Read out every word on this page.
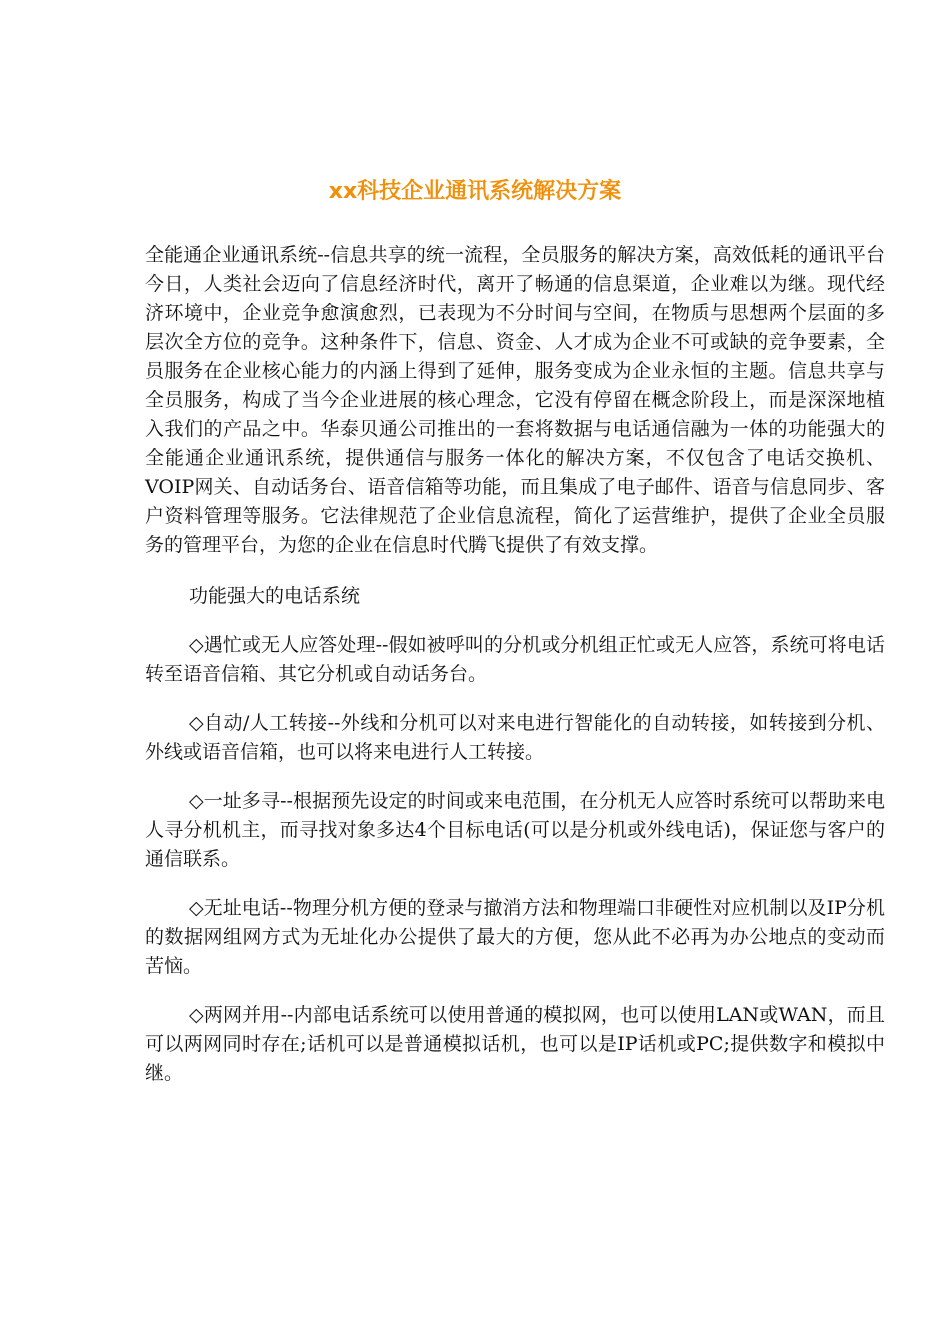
xx科技企业通讯系统解决方案

全能通企业通讯系统--信息共享的统一流程，全员服务的解决方案，高效低耗的通讯平台今日，人类社会迈向了信息经济时代，离开了畅通的信息渠道，企业难以为继。现代经济环境中，企业竞争愈演愈烈，已表现为不分时间与空间，在物质与思想两个层面的多层次全方位的竞争。这种条件下，信息、资金、人才成为企业不可或缺的竞争要素，全员服务在企业核心能力的内涵上得到了延伸，服务变成为企业永恒的主题。信息共享与全员服务，构成了当今企业进展的核心理念，它没有停留在概念阶段上，而是深深地植入我们的产品之中。华泰贝通公司推出的一套将数据与电话通信融为一体的功能强大的全能通企业通讯系统，提供通信与服务一体化的解决方案，不仅包含了电话交换机、VOIP网关、自动话务台、语音信箱等功能，而且集成了电子邮件、语音与信息同步、客户资料管理等服务。它法律规范了企业信息流程，简化了运营维护，提供了企业全员服务的管理平台，为您的企业在信息时代腾飞提供了有效支撑。

功能强大的电话系统

◇遇忙或无人应答处理--假如被呼叫的分机或分机组正忙或无人应答，系统可将电话转至语音信箱、其它分机或自动话务台。

◇自动/人工转接--外线和分机可以对来电进行智能化的自动转接，如转接到分机、外线或语音信箱，也可以将来电进行人工转接。

◇一址多寻--根据预先设定的时间或来电范围，在分机无人应答时系统可以帮助来电人寻分机机主，而寻找对象多达4个目标电话(可以是分机或外线电话)，保证您与客户的通信联系。

◇无址电话--物理分机方便的登录与撤消方法和物理端口非硬性对应机制以及IP分机的数据网组网方式为无址化办公提供了最大的方便，您从此不必再为办公地点的变动而苦恼。

◇两网并用--内部电话系统可以使用普通的模拟网，也可以使用LAN或WAN，而且可以两网同时存在;话机可以是普通模拟话机，也可以是IP话机或PC;提供数字和模拟中继。
